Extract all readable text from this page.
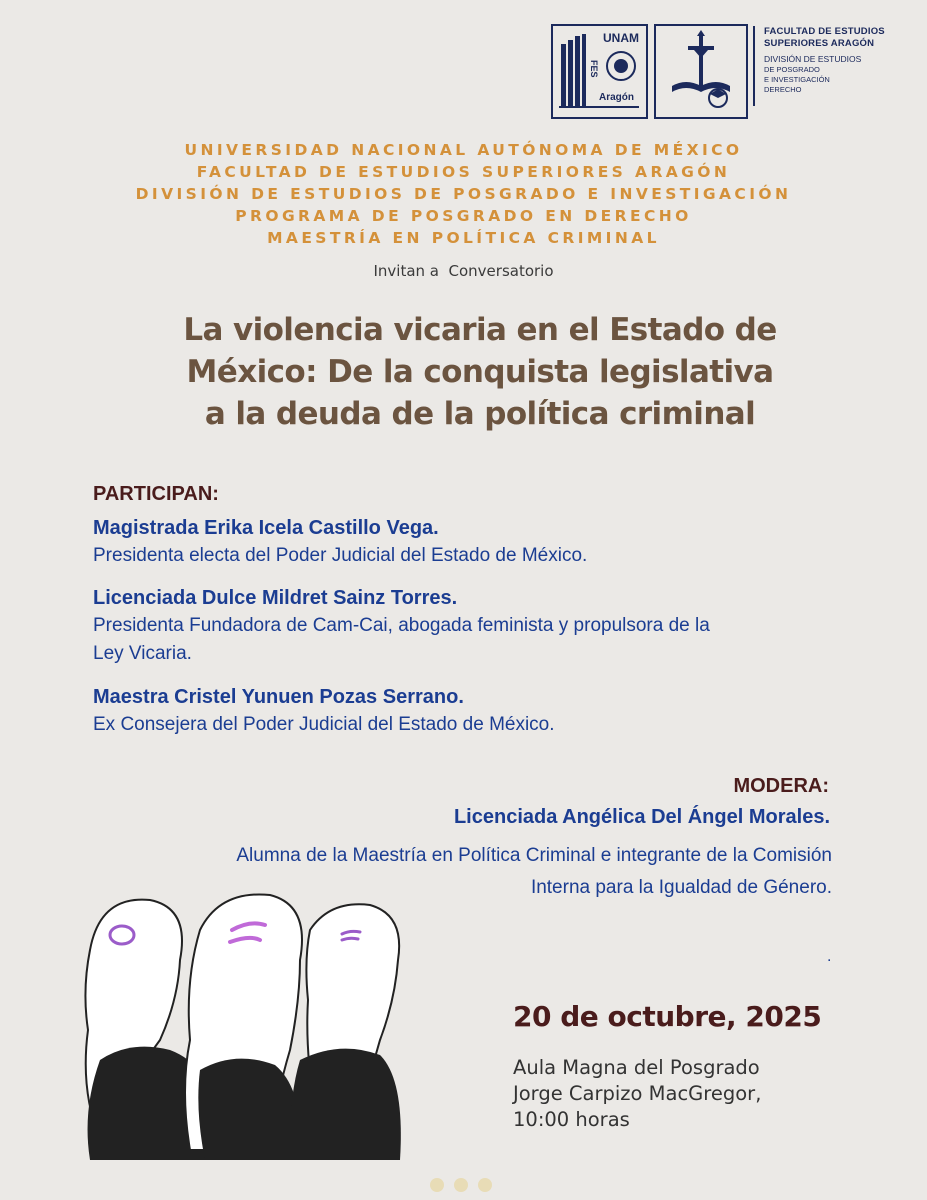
UNAM
FES
Aragón
FACULTAD DE ESTUDIOS
SUPERIORES ARAGÓN
DIVISIÓN DE ESTUDIOS
DE POSGRADO
E INVESTIGACIÓN
DERECHO
UNIVERSIDAD NACIONAL AUTÓNOMA DE MÉXICO
FACULTAD DE ESTUDIOS SUPERIORES ARAGÓN
DIVISIÓN DE ESTUDIOS DE POSGRADO E INVESTIGACIÓN
PROGRAMA DE POSGRADO EN DERECHO
MAESTRÍA EN POLÍTICA CRIMINAL
Invitan a  Conversatorio
La violencia vicaria en el Estado de
México: De la conquista legislativa
a la deuda de la política criminal
PARTICIPAN:
Magistrada Erika Icela Castillo Vega.
Presidenta electa del Poder Judicial del Estado de México.
Licenciada Dulce Mildret Sainz Torres.
Presidenta Fundadora de Cam-Cai, abogada feminista y propulsora de la
Ley Vicaria.
Maestra Cristel Yunuen Pozas Serrano.
Ex Consejera del Poder Judicial del Estado de México.
MODERA:
Licenciada Angélica Del Ángel Morales.
Alumna de la Maestría en Política Criminal e integrante de la Comisión
Interna para la Igualdad de Género.
.
20 de octubre, 2025
Aula Magna del Posgrado
Jorge Carpizo MacGregor,
10:00 horas
